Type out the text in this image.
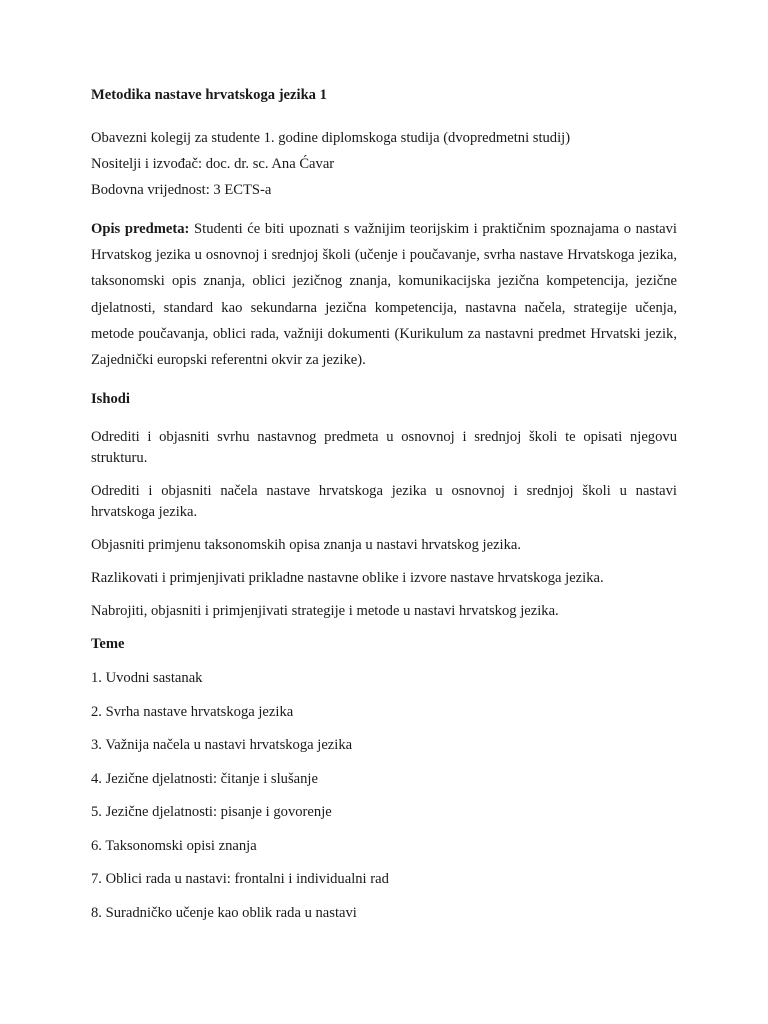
Metodika nastave hrvatskoga jezika 1
Obavezni kolegij za studente 1. godine diplomskoga studija (dvopredmetni studij)
Nositelji i izvođač: doc. dr. sc. Ana Ćavar
Bodovna vrijednost: 3 ECTS-a
Opis predmeta: Studenti će biti upoznati s važnijim teorijskim i praktičnim spoznajama o nastavi Hrvatskog jezika u osnovnoj i srednjoj školi (učenje i poučavanje, svrha nastave Hrvatskoga jezika, taksonomski opis znanja, oblici jezičnog znanja, komunikacijska jezična kompetencija, jezične djelatnosti, standard kao sekundarna jezična kompetencija, nastavna načela, strategije učenja, metode poučavanja, oblici rada, važniji dokumenti (Kurikulum za nastavni predmet Hrvatski jezik, Zajednički europski referentni okvir za jezike).
Ishodi
Odrediti i objasniti svrhu nastavnog predmeta u osnovnoj i srednjoj školi te opisati njegovu strukturu.
Odrediti i objasniti načela nastave hrvatskoga jezika u osnovnoj i srednjoj školi u nastavi hrvatskoga jezika.
Objasniti primjenu taksonomskih opisa znanja u nastavi hrvatskog jezika.
Razlikovati i primjenjivati prikladne nastavne oblike i izvore nastave hrvatskoga jezika.
Nabrojiti, objasniti i primjenjivati strategije i metode u nastavi hrvatskog jezika.
Teme
1. Uvodni sastanak
2. Svrha nastave hrvatskoga jezika
3. Važnija načela u nastavi hrvatskoga jezika
4. Jezične djelatnosti: čitanje i slušanje
5. Jezične djelatnosti: pisanje i govorenje
6. Taksonomski opisi znanja
7. Oblici rada u nastavi: frontalni i individualni rad
8. Suradničko učenje kao oblik rada u nastavi
